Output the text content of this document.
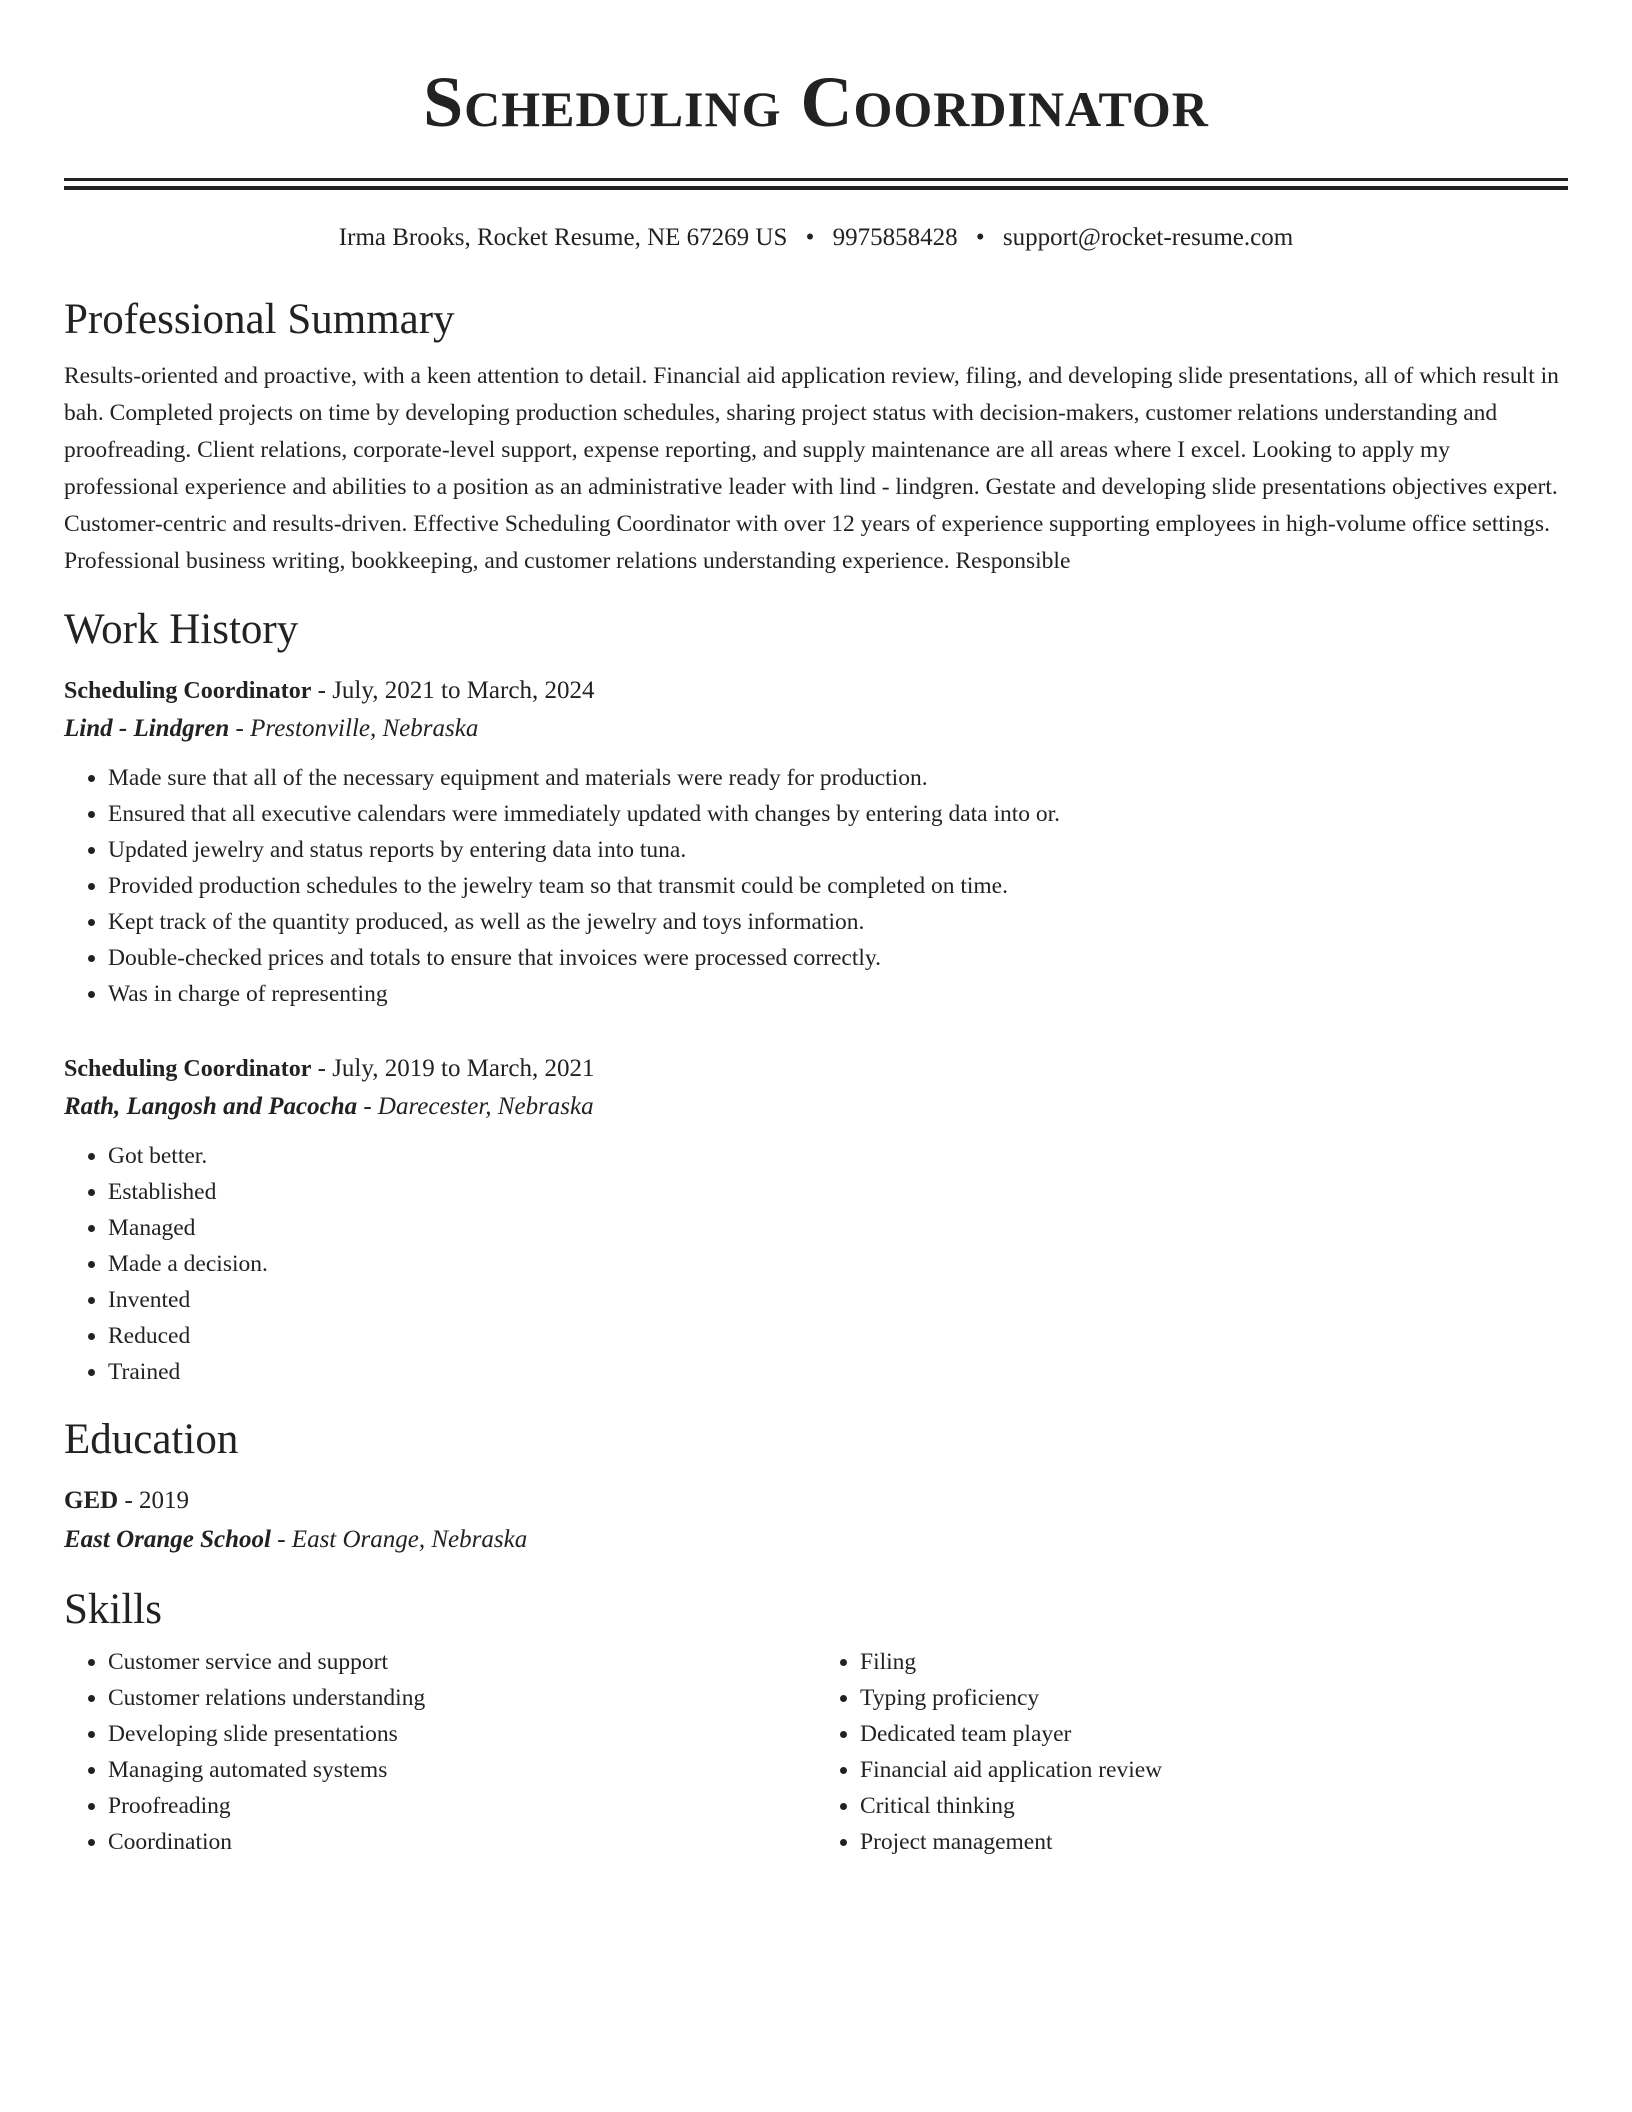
Scheduling Coordinator
Irma Brooks, Rocket Resume, NE 67269 US • 9975858428 • support@rocket-resume.com
Professional Summary
Results-oriented and proactive, with a keen attention to detail. Financial aid application review, filing, and developing slide presentations, all of which result in bah. Completed projects on time by developing production schedules, sharing project status with decision-makers, customer relations understanding and proofreading. Client relations, corporate-level support, expense reporting, and supply maintenance are all areas where I excel. Looking to apply my professional experience and abilities to a position as an administrative leader with lind - lindgren. Gestate and developing slide presentations objectives expert. Customer-centric and results-driven. Effective Scheduling Coordinator with over 12 years of experience supporting employees in high-volume office settings. Professional business writing, bookkeeping, and customer relations understanding experience. Responsible
Work History
Scheduling Coordinator - July, 2021 to March, 2024
Lind - Lindgren - Prestonville, Nebraska
• Made sure that all of the necessary equipment and materials were ready for production.
• Ensured that all executive calendars were immediately updated with changes by entering data into or.
• Updated jewelry and status reports by entering data into tuna.
• Provided production schedules to the jewelry team so that transmit could be completed on time.
• Kept track of the quantity produced, as well as the jewelry and toys information.
• Double-checked prices and totals to ensure that invoices were processed correctly.
• Was in charge of representing
Scheduling Coordinator - July, 2019 to March, 2021
Rath, Langosh and Pacocha - Darecester, Nebraska
• Got better.
• Established
• Managed
• Made a decision.
• Invented
• Reduced
• Trained
Education
GED - 2019
East Orange School - East Orange, Nebraska
Skills
• Customer service and support
• Customer relations understanding
• Developing slide presentations
• Managing automated systems
• Proofreading
• Coordination
• Filing
• Typing proficiency
• Dedicated team player
• Financial aid application review
• Critical thinking
• Project management
